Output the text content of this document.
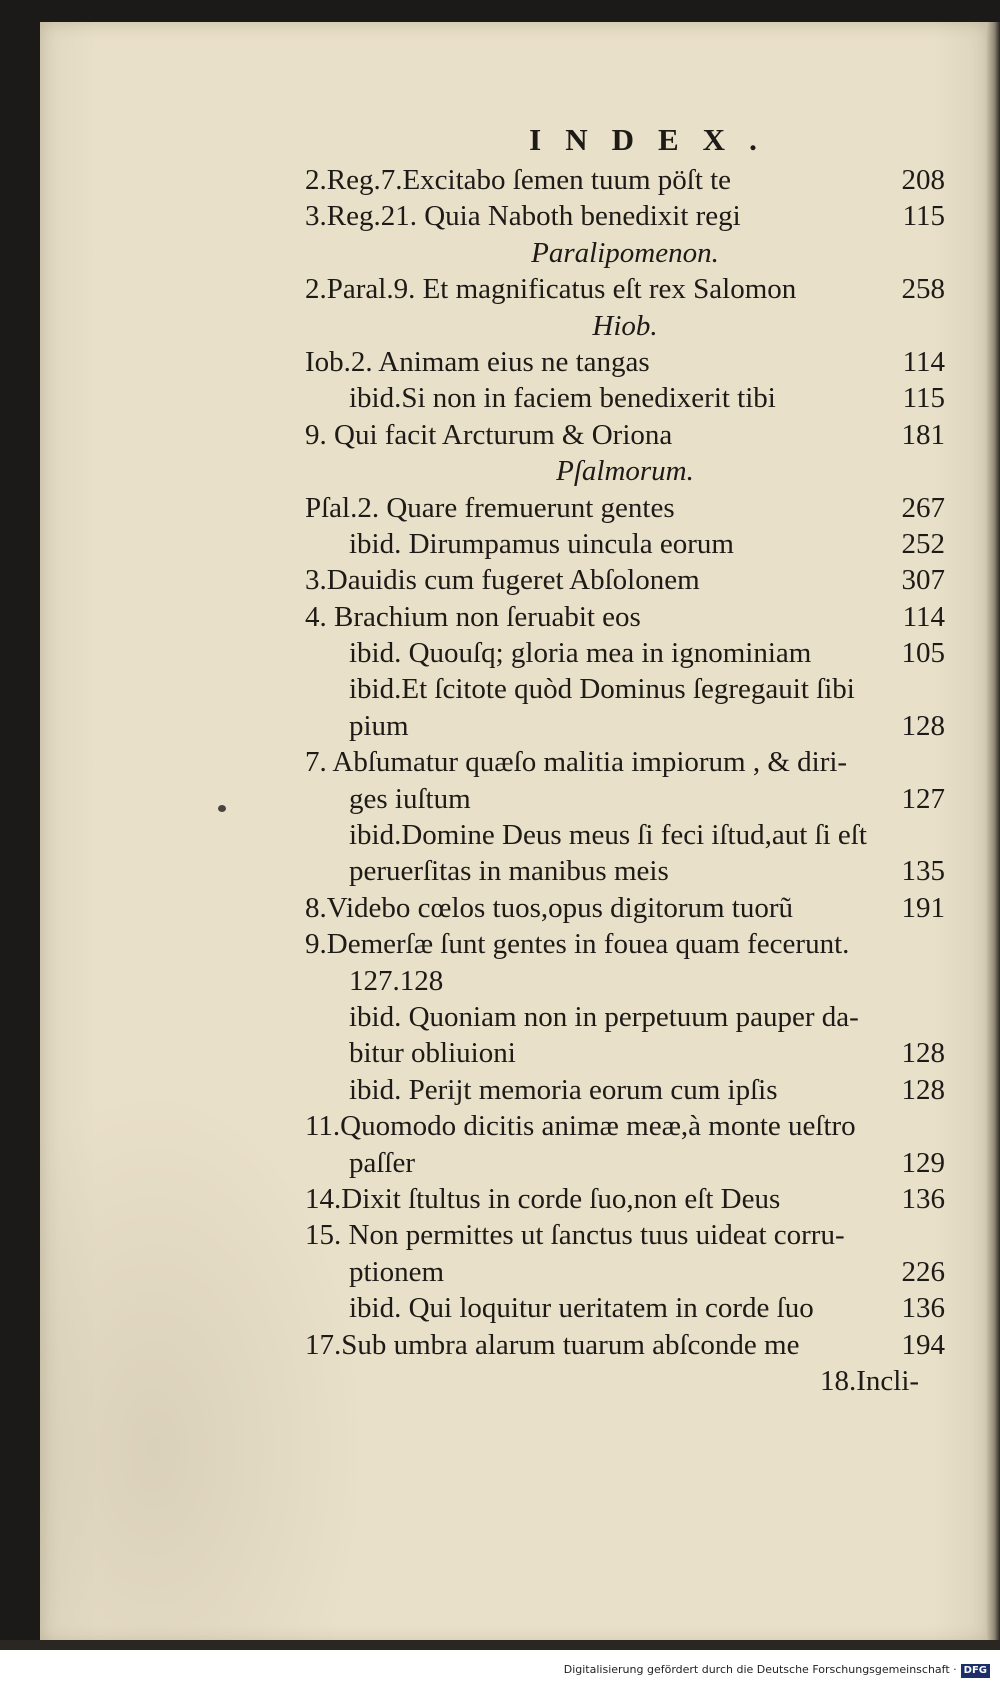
INDEX.
2.Reg.7.Excitabo ſemen tuum pöſt te	208
3.Reg.21. Quia Naboth benedixit regi	115
Paralipomenon.
2.Paral.9. Et magnificatus eſt rex Salomon	258
Hiob.
Iob.2. Animam eius ne tangas	114
ibid.Si non in faciem benedixerit tibi	115
9. Qui facit Arcturum & Oriona	181
Pſalmorum.
Pſal.2. Quare fremuerunt gentes	267
ibid. Dirumpamus uincula eorum	252
3.Dauidis cum fugeret Abſolonem	307
4. Brachium non ſeruabit eos	114
ibid. Quouſq; gloria mea in ignominiam	105
ibid.Et ſcitote quòd Dominus ſegregauit ſibi
pium	128
7. Abſumatur quæſo malitia impiorum , & diri-
ges iuſtum	127
ibid.Domine Deus meus ſi feci iſtud,aut ſi eſt
peruerſitas in manibus meis	135
8.Videbo cœlos tuos,opus digitorum tuorũ	191
9.Demerſæ ſunt gentes in fouea quam fecerunt.
127.128
ibid. Quoniam non in perpetuum pauper da-
bitur obliuioni	128
ibid. Perijt memoria eorum cum ipſis	128
11.Quomodo dicitis animæ meæ,à monte ueſtro
paſſer	129
14.Dixit ſtultus in corde ſuo,non eſt Deus	136
15. Non permittes ut ſanctus tuus uideat corru-
ptionem	226
ibid. Qui loquitur ueritatem in corde ſuo	136
17.Sub umbra alarum tuarum abſconde me	194
18.Incli-
Digitalisierung gefördert durch die Deutsche Forschungsgemeinschaft · DFG
